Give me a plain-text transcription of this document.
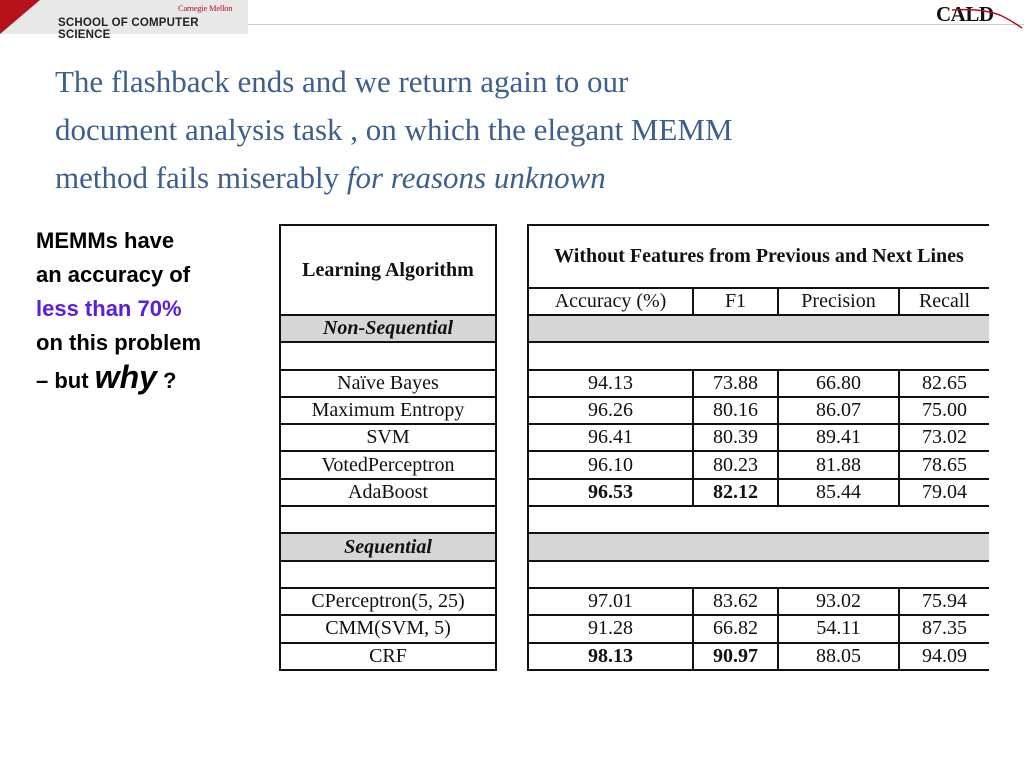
Carnegie Mellon
SCHOOL OF COMPUTER SCIENCE
CALD
The flashback ends and we return again to our
document analysis task , on which the elegant MEMM
method fails miserably for reasons unknown
MEMMs have
an accuracy of
less than 70%
on this problem
– but why ?
Learning Algorithm		Without Features from Previous and Next Lines			

		Accuracy (%)	F1	Precision	Recall
Non-Sequential					

Naïve Bayes		94.13	73.88	66.80	82.65
Maximum Entropy		96.26	80.16	86.07	75.00
SVM		96.41	80.39	89.41	73.02
VotedPerceptron		96.10	80.23	81.88	78.65
AdaBoost		96.53	82.12	85.44	79.04

Sequential					

CPerceptron(5, 25)		97.01	83.62	93.02	75.94
CMM(SVM, 5)		91.28	66.82	54.11	87.35
CRF		98.13	90.97	88.05	94.09
